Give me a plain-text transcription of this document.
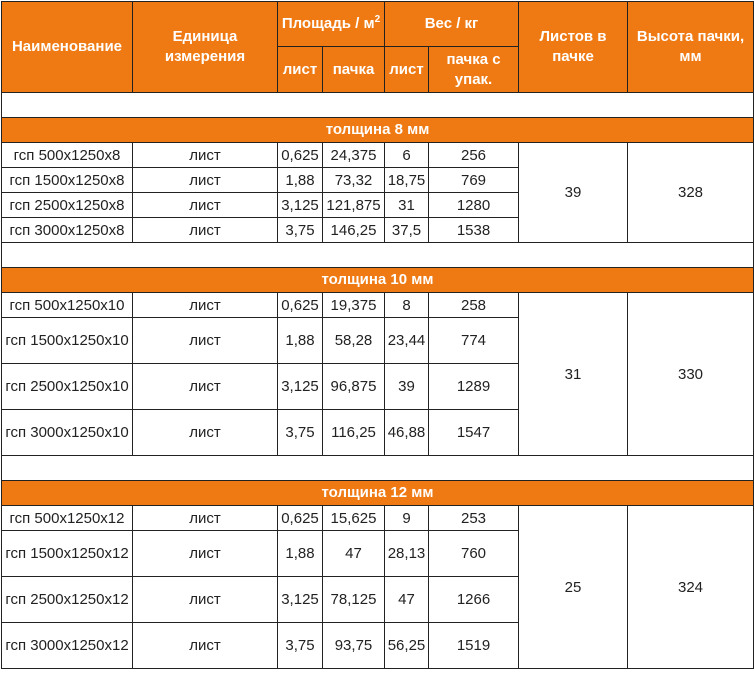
Наименование	Единица измерения	Площадь / $м^2$		Вес / кг		Листов в пачке	Высота пачки, мм
		лист	пачка	лист	пачка с упак.		

толщина 8 мм							
гсп 500х1250х8	лист	0,625	24,375	6	256	39	328
гсп 1500х1250х8	лист	1,88	73,32	18,75	769		
гсп 2500х1250х8	лист	3,125	121,875	31	1280		
гсп 3000х1250х8	лист	3,75	146,25	37,5	1538		

толщина 10 мм							
гсп 500х1250х10	лист	0,625	19,375	8	258	31	330
гсп 1500х1250х10	лист	1,88	58,28	23,44	774		
гсп 2500х1250х10	лист	3,125	96,875	39	1289		
гсп 3000х1250х10	лист	3,75	116,25	46,88	1547		

толщина 12 мм							
гсп 500х1250х12	лист	0,625	15,625	9	253	25	324
гсп 1500х1250х12	лист	1,88	47	28,13	760		
гсп 2500х1250х12	лист	3,125	78,125	47	1266		
гсп 3000х1250х12	лист	3,75	93,75	56,25	1519		
